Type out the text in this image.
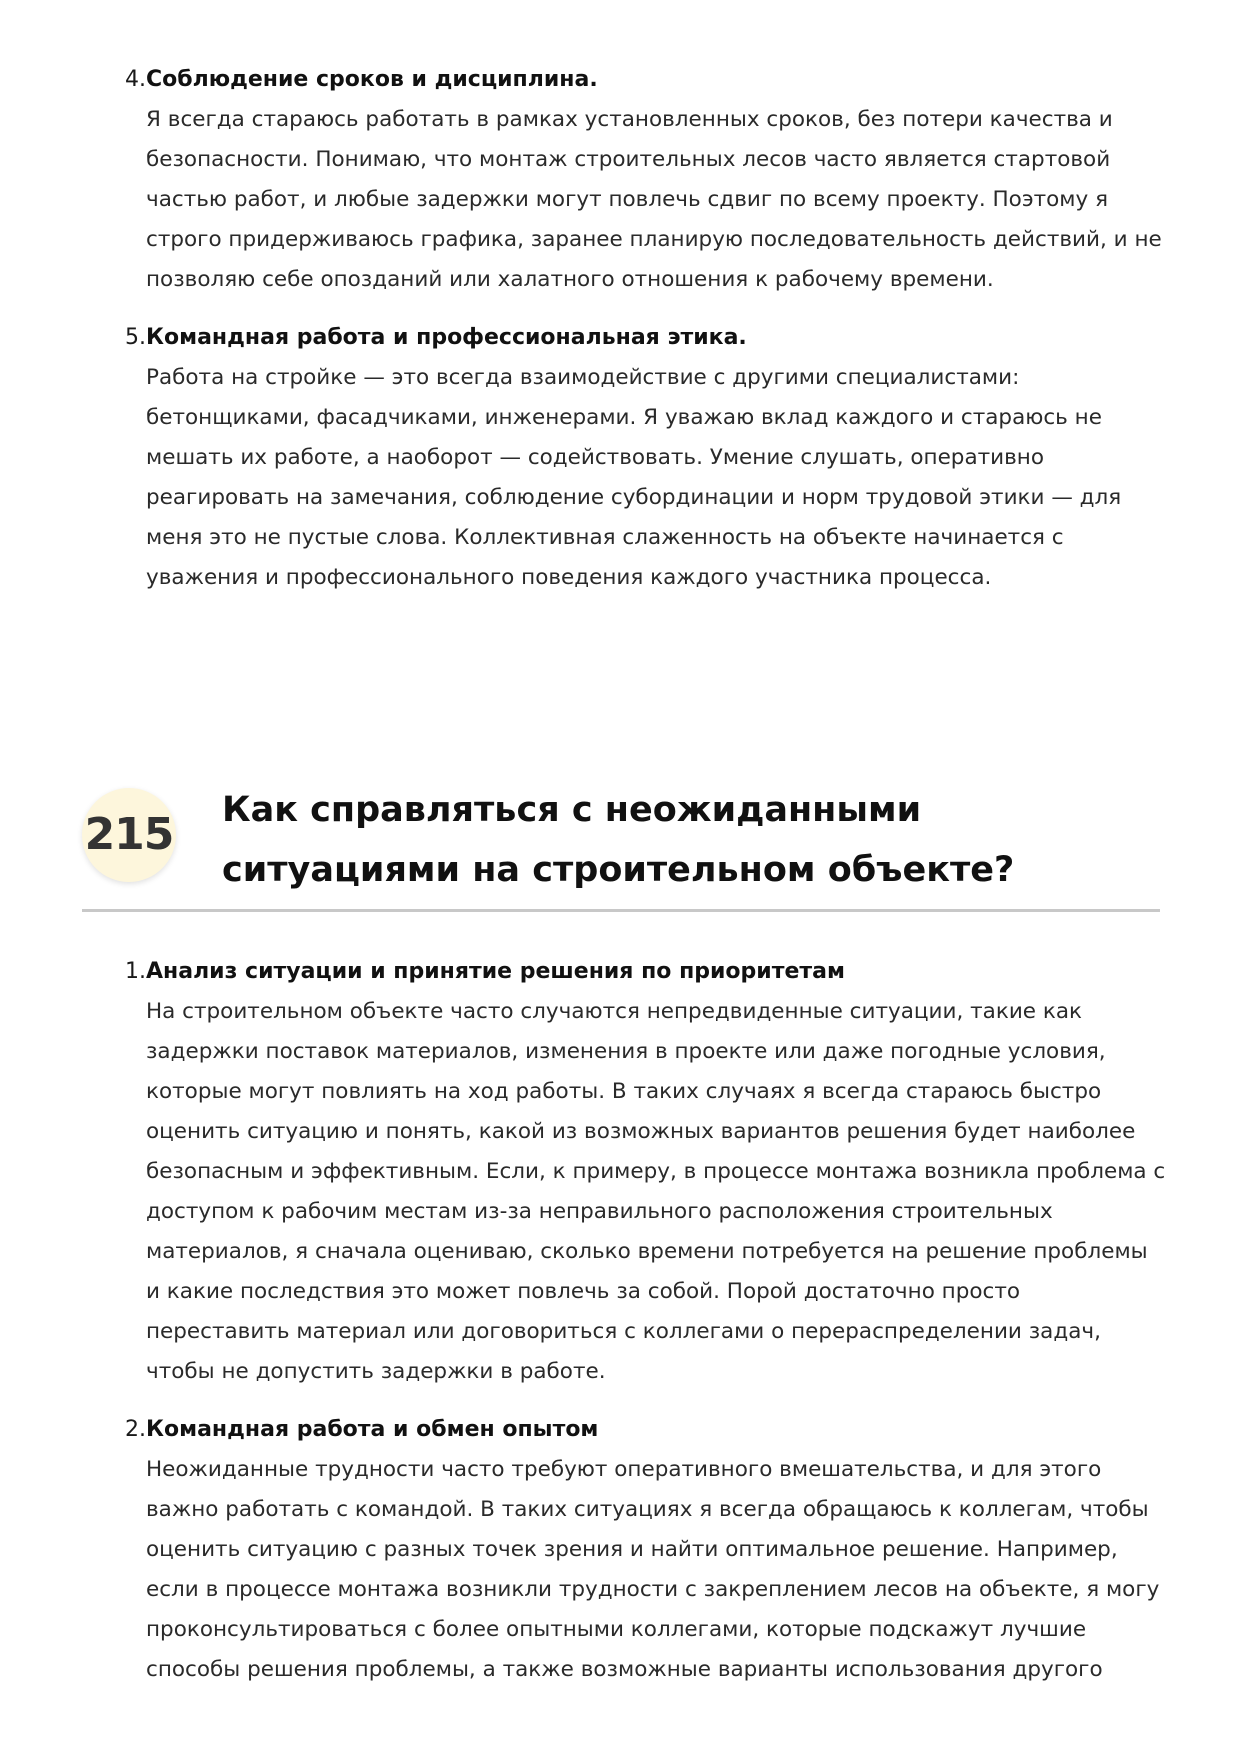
4. Соблюдение сроков и дисциплина.
Я всегда стараюсь работать в рамках установленных сроков, без потери качества и безопасности. Понимаю, что монтаж строительных лесов часто является стартовой частью работ, и любые задержки могут повлечь сдвиг по всему проекту. Поэтому я строго придерживаюсь графика, заранее планирую последовательность действий, и не позволяю себе опозданий или халатного отношения к рабочему времени.
5. Командная работа и профессиональная этика.
Работа на стройке — это всегда взаимодействие с другими специалистами: бетонщиками, фасадчиками, инженерами. Я уважаю вклад каждого и стараюсь не мешать их работе, а наоборот — содействовать. Умение слушать, оперативно реагировать на замечания, соблюдение субординации и норм трудовой этики — для меня это не пустые слова. Коллективная слаженность на объекте начинается с уважения и профессионального поведения каждого участника процесса.
215 Как справляться с неожиданными ситуациями на строительном объекте?
1. Анализ ситуации и принятие решения по приоритетам
На строительном объекте часто случаются непредвиденные ситуации, такие как задержки поставок материалов, изменения в проекте или даже погодные условия, которые могут повлиять на ход работы. В таких случаях я всегда стараюсь быстро оценить ситуацию и понять, какой из возможных вариантов решения будет наиболее безопасным и эффективным. Если, к примеру, в процессе монтажа возникла проблема с доступом к рабочим местам из-за неправильного расположения строительных материалов, я сначала оцениваю, сколько времени потребуется на решение проблемы и какие последствия это может повлечь за собой. Порой достаточно просто переставить материал или договориться с коллегами о перераспределении задач, чтобы не допустить задержки в работе.
2. Командная работа и обмен опытом
Неожиданные трудности часто требуют оперативного вмешательства, и для этого важно работать с командой. В таких ситуациях я всегда обращаюсь к коллегам, чтобы оценить ситуацию с разных точек зрения и найти оптимальное решение. Например, если в процессе монтажа возникли трудности с закреплением лесов на объекте, я могу проконсультироваться с более опытными коллегами, которые подскажут лучшие способы решения проблемы, а также возможные варианты использования другого
